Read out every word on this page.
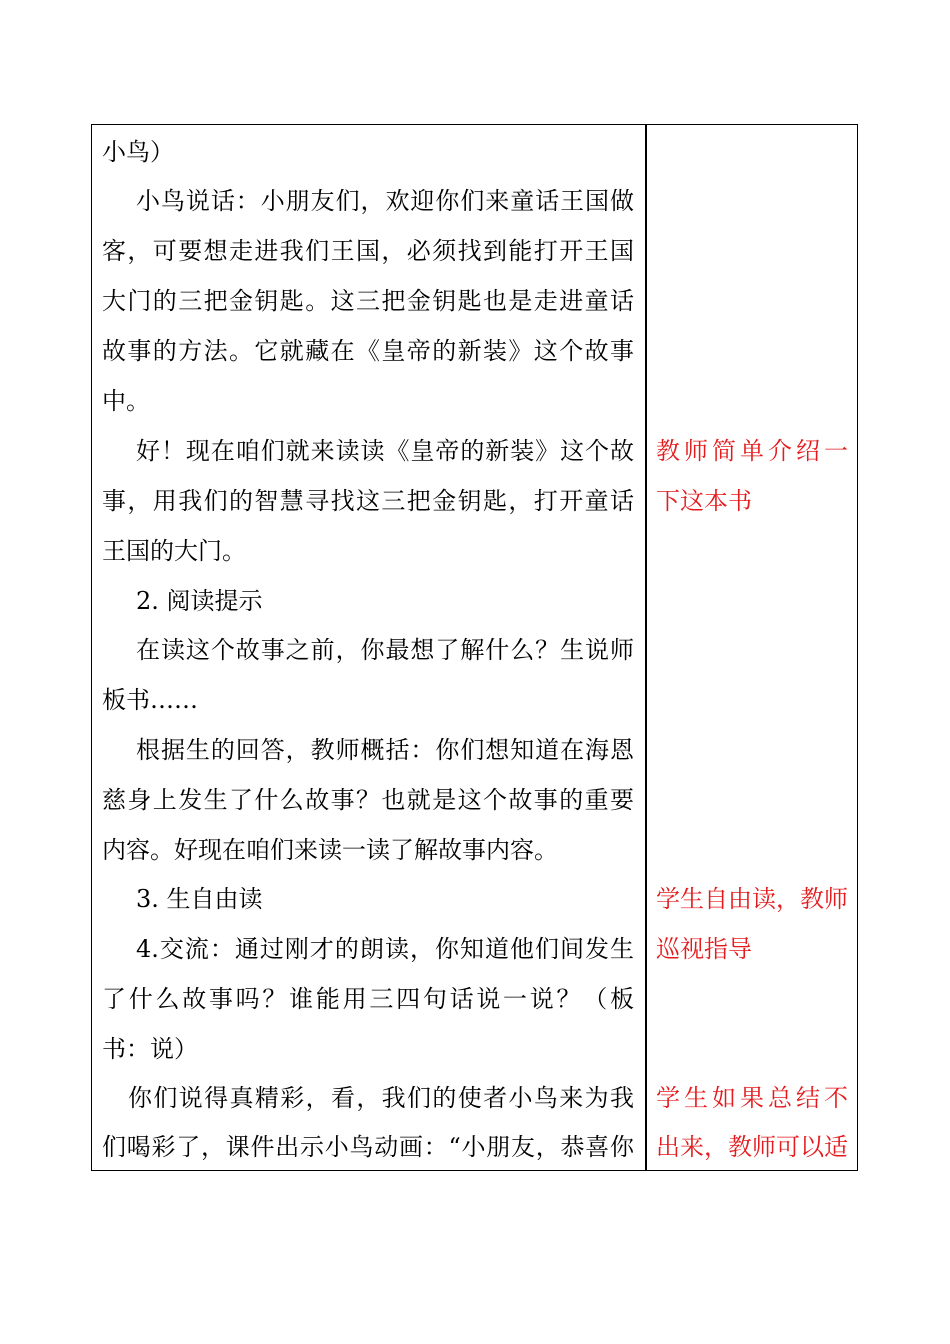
小鸟）
小鸟说话：小朋友们，欢迎你们来童话王国做
客，可要想走进我们王国，必须找到能打开王国
大门的三把金钥匙。这三把金钥匙也是走进童话
故事的方法。它就藏在《皇帝的新装》这个故事
中。
好！现在咱们就来读读《皇帝的新装》这个故
事，用我们的智慧寻找这三把金钥匙，打开童话
王国的大门。
2. 阅读提示
在读这个故事之前，你最想了解什么？生说师
板书……
根据生的回答，教师概括：你们想知道在海恩
慈身上发生了什么故事？也就是这个故事的重要
内容。好现在咱们来读一读了解故事内容。
3. 生自由读
4.交流：通过刚才的朗读，你知道他们间发生
了什么故事吗？谁能用三四句话说一说？（板
书：说）
你们说得真精彩，看，我们的使者小鸟来为我
们喝彩了，课件出示小鸟动画：“小朋友，恭喜你
教师简单介绍一
下这本书
学生自由读，教师
巡视指导
学生如果总结不
出来，教师可以适
